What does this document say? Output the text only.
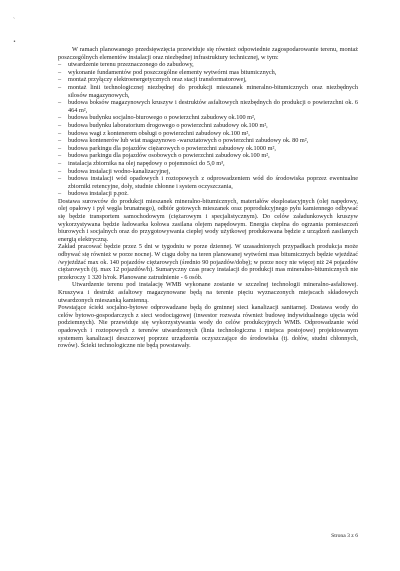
`
•

W ramach planowanego przedsięwzięcia przewiduje się również odpowiednie zagospodarowanie terenu, montaż poszczególnych elementów instalacji oraz niezbędnej infrastruktury technicznej, w tym:

– utwardzenie terenu przeznaczonego do zabudowy,
– wykonanie fundamentów pod poszczególne elementy wytwórni mas bitumicznych,
– montaż przyłączy elektroenergetycznych oraz stacji transformatorowej,
– montaż linii technologicznej niezbędnej do produkcji mieszanek mineralno-bitumicznych oraz niezbędnych silosów magazynowych,
– budowa boksów magazynowych kruszyw i destruktów asfaltowych niezbędnych do produkcji o powierzchni ok. 6 464 m²,
– budowa budynku socjalno-biurowego o powierzchni zabudowy ok.100 m²,
– budowa budynku laboratorium drogowego o powierzchni zabudowy ok.100 m²,
– budowa wagi z kontenerem obsługi o powierzchni zabudowy ok.100 m²,
– budowa kontenerów lub wiat magazynowo -warsztatowych o powierzchni zabudowy ok. 80 m²,
– budowa parkingu dla pojazdów ciężarowych o powierzchni zabudowy ok.1000 m²,
– budowa parkingu dla pojazdów osobowych o powierzchni zabudowy ok.100 m²,
– instalacja zbiornika na olej napędowy o pojemności do 5,0 m³,
– budowa instalacji wodno-kanalizacyjnej,
– budowa instalacji wód opadowych i roztopowych z odprowadzeniem wód do środowiska poprzez ewentualne zbiorniki retencyjne, doły, studnie chłonne i system oczyszczania,
– budowa instalacji p.poż.

Dostawa surowców do produkcji mieszanek mineralno-bitumicznych, materiałów eksploatacyjnych (olej napędowy, olej opałowy i pył węgla brunatnego), odbiór gotowych mieszanek oraz poprodukcyjnego pyłu kamiennego odbywać się będzie transportem samochodowym (ciężarowym i specjalistycznym). Do celów załadunkowych kruszyw wykorzystywana będzie ładowarka kołowa zasilana olejem napędowym. Energia cieplna do ogrzania pomieszczeń biurowych i socjalnych oraz do przygotowywania ciepłej wody użytkowej produkowana będzie z urządzeń zasilanych energią elektryczną.

Zakład pracować będzie przez 5 dni w tygodniu w porze dziennej. W uzasadnionych przypadkach produkcja może odbywać się również w porze nocnej. W ciągu doby na teren planowanej wytwórni mas bitumicznych będzie wjeżdżać /wyjeżdżać max ok. 140 pojazdów ciężarowych (średnio 90 pojazdów/dobę); w porze nocy nie więcej niż 24 pojazdów ciężarowych (tj. max 12 pojazdów/h). Sumaryczny czas pracy instalacji do produkcji mas mineralno-bitumicznych nie przekroczy 1 320 h/rok. Planowane zatrudnienie - 6 osób.

Utwardzenie terenu pod instalację WMB wykonane zostanie w szczelnej technologii mineralno-asfaltowej. Kruszywa i destrukt asfaltowy magazynowane będą na terenie pięciu wyznaczonych miejscach składowych utwardzonych mieszanką kamienną.

Powstające ścieki socjalno-bytowe odprowadzane będą do gminnej sieci kanalizacji sanitarnej. Dostawa wody do celów bytowo-gospodarczych z sieci wodociągowej (inwestor rozważa również budowę indywidualnego ujęcia wód podziemnych). Nie przewiduje się wykorzystywania wody do celów produkcyjnych WMB. Odprowadzanie wód opadowych i roztopowych z terenów utwardzonych (linia technologiczna i miejsca postojowe) projektowanym systemem kanalizacji deszczowej poprzez urządzenia oczyszczające do środowiska (tj. dołów, studni chłonnych, rowów). Ścieki technologiczne nie będą powstawały.

Strona 3 z 6
